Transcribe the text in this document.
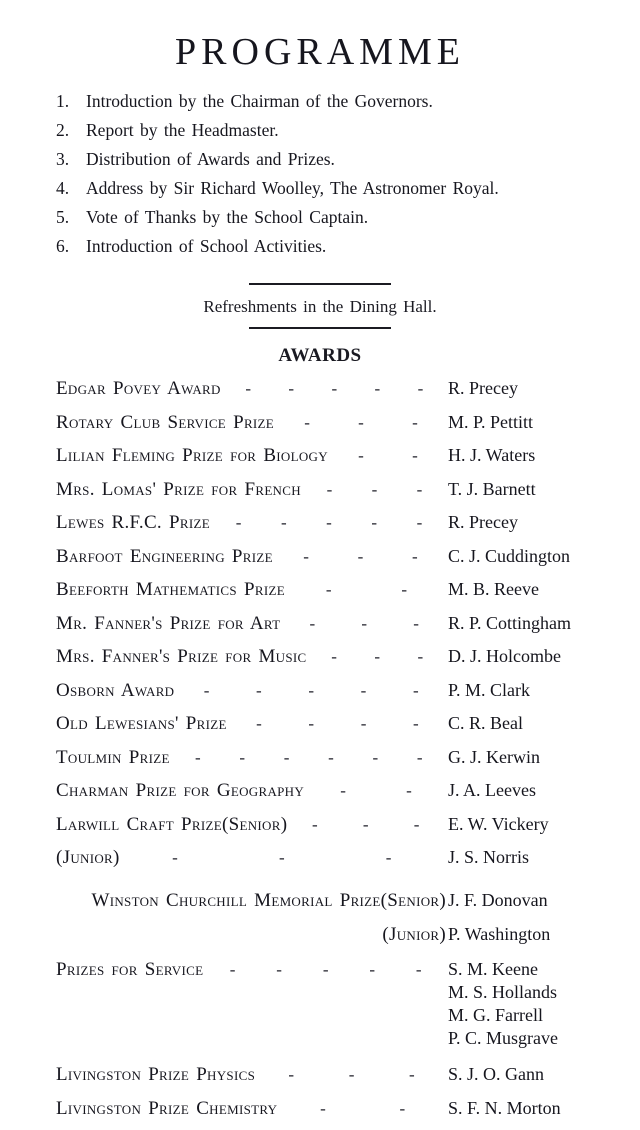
PROGRAMME
1. Introduction by the Chairman of the Governors.
2. Report by the Headmaster.
3. Distribution of Awards and Prizes.
4. Address by Sir Richard Woolley, The Astronomer Royal.
5. Vote of Thanks by the School Captain.
6. Introduction of School Activities.
Refreshments in the Dining Hall.
AWARDS
Edgar Povey Award - - - - - R. Precey
Rotary Club Service Prize -	-	- M. P. Pettitt
Lilian Fleming Prize for Biology -	- H. J. Waters
Mrs. Lomas' Prize for French - - - T. J. Barnett
Lewes R.F.C. Prize - - - - - R. Precey
Barfoot Engineering Prize -	-	- C. J. Cuddington
Beeforth Mathematics Prize -	- M. B. Reeve
Mr. Fanner's Prize for Art -	-	- R. P. Cottingham
Mrs. Fanner's Prize for Music - - - D. J. Holcombe
Osborn Award -	-	-	-	- P. M. Clark
Old Lewesians' Prize -	-	-	- C. R. Beal
Toulmin Prize - - - - - - G. J. Kerwin
Charman Prize for Geography -	- J. A. Leeves
Larwill Craft Prize (Senior) -	-	- E. W. Vickery
(Junior)	-	-	-	J. S. Norris
Winston Churchill Memorial Prize (Senior) J. F. Donovan
(Junior) P. Washington
Prizes for Service - - - - - S. M. Keene
M. S. Hollands
M. G. Farrell
P. C. Musgrave
Livingston Prize Physics -	-	- S. J. O. Gann
Livingston Prize Chemistry	-	- S. F. N. Morton
